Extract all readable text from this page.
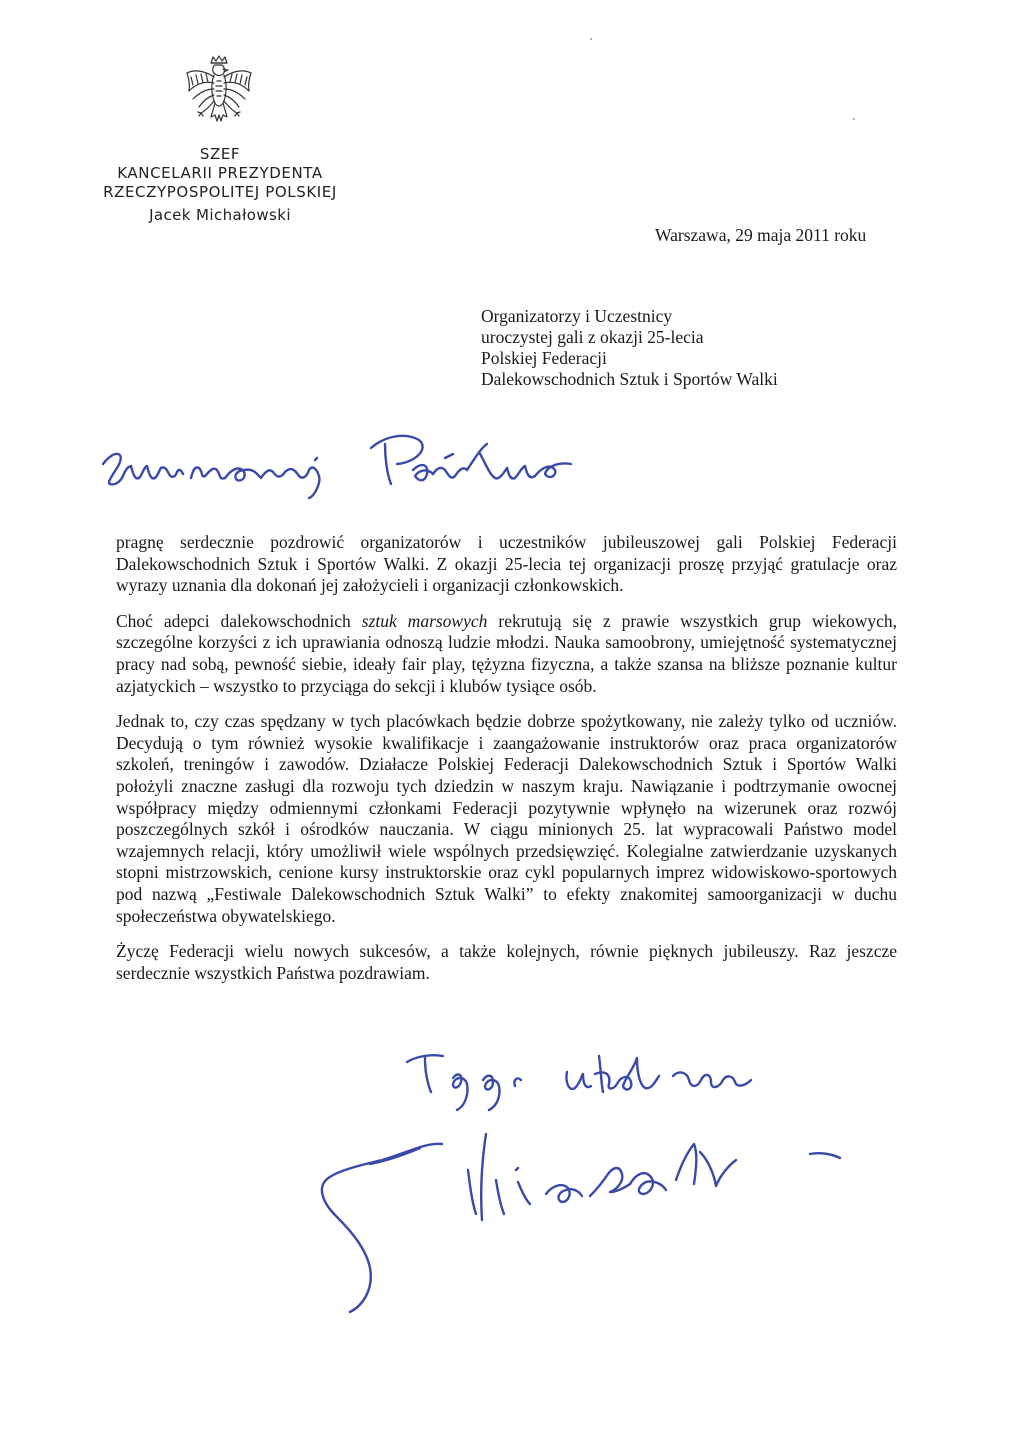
SZEF
KANCELARII PREZYDENTA
RZECZYPOSPOLITEJ POLSKIEJ
Jacek Michałowski
Warszawa, 29 maja 2011 roku
Organizatorzy i Uczestnicy
uroczystej gali z okazji 25-lecia
Polskiej Federacji
Dalekowschodnich Sztuk i Sportów Walki

pragnę serdecznie pozdrowić organizatorów i uczestników jubileuszowej gali Polskiej Federacji Dalekowschodnich Sztuk i Sportów Walki. Z okazji 25-lecia tej organizacji proszę przyjąć gratulacje oraz wyrazy uznania dla dokonań jej założycieli i organizacji członkowskich.

Choć adepci dalekowschodnich sztuk marsowych rekrutują się z prawie wszystkich grup wiekowych, szczególne korzyści z ich uprawiania odnoszą ludzie młodzi. Nauka samoobrony, umiejętność systematycznej pracy nad sobą, pewność siebie, ideały fair play, tężyzna fizyczna, a także szansa na bliższe poznanie kultur azjatyckich – wszystko to przyciąga do sekcji i klubów tysiące osób.

Jednak to, czy czas spędzany w tych placówkach będzie dobrze spożytkowany, nie zależy tylko od uczniów. Decydują o tym również wysokie kwalifikacje i zaangażowanie instruktorów oraz praca organizatorów szkoleń, treningów i zawodów. Działacze Polskiej Federacji Dalekowschodnich Sztuk i Sportów Walki położyli znaczne zasługi dla rozwoju tych dziedzin w naszym kraju. Nawiązanie i podtrzymanie owocnej współpracy między odmiennymi członkami Federacji pozytywnie wpłynęło na wizerunek oraz rozwój poszczególnych szkół i ośrodków nauczania. W ciągu minionych 25. lat wypracowali Państwo model wzajemnych relacji, który umożliwił wiele wspólnych przedsięwzięć. Kolegialne zatwierdzanie uzyskanych stopni mistrzowskich, cenione kursy instruktorskie oraz cykl popularnych imprez widowiskowo-sportowych pod nazwą „Festiwale Dalekowschodnich Sztuk Walki” to efekty znakomitej samoorganizacji w duchu społeczeństwa obywatelskiego.

Życzę Federacji wielu nowych sukcesów, a także kolejnych, równie pięknych jubileuszy. Raz jeszcze serdecznie wszystkich Państwa pozdrawiam.
